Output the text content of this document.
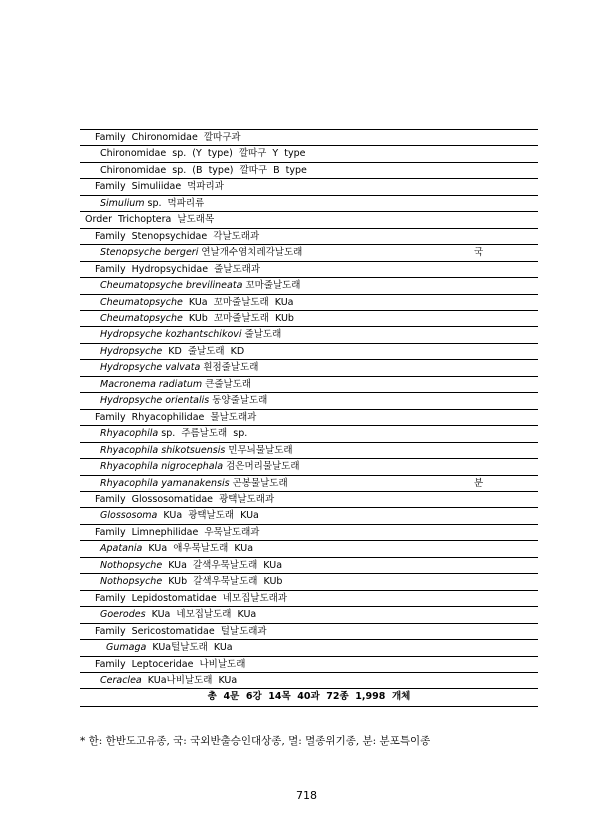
Family  Chironomidae  깔따구과
Chironomidae  sp.  (Y  type)  깔따구  Y  type
Chironomidae  sp.  (B  type)  깔따구  B  type
Family  Simuliidae  먹파리과
Simulium sp.  먹파리류
Order  Trichoptera  날도래목
Family  Stenopsychidae  각날도래과
Stenopsyche bergeri 연날개수염치레각날도래	국
Family  Hydropsychidae  줄날도래과
Cheumatopsyche brevilineata 꼬마줄날도래
Cheumatopsyche  KUa  꼬마줄날도래  KUa
Cheumatopsyche  KUb  꼬마줄날도래  KUb
Hydropsyche kozhantschikovi 줄날도래
Hydropsyche  KD  줄날도래  KD
Hydropsyche valvata 흰점줄날도래
Macronema radiatum 큰줄날도래
Hydropsyche orientalis 동양줄날도래
Family  Rhyacophilidae  물날도래과
Rhyacophila sp.  주름날도래  sp.
Rhyacophila shikotsuensis 민무늬물날도래
Rhyacophila nigrocephala 검은머리물날도래
Rhyacophila yamanakensis 곤봉물날도래	분
Family  Glossosomatidae  광택날도래과
Glossosoma  KUa  광택날도래  KUa
Family  Limnephilidae  우묵날도래과
Apatania  KUa  애우묵날도래  KUa
Nothopsyche  KUa  갈색우묵날도래  KUa
Nothopsyche  KUb  갈색우묵날도래  KUb
Family  Lepidostomatidae  네모집날도래과
Goerodes  KUa  네모집날도래  KUa
Family  Sericostomatidae  털날도래과
Gumaga  KUa털날도래  KUa
Family  Leptoceridae  나비날도래
Ceraclea  KUa나비날도래  KUa
총  4문  6강  14목  40과  72종  1,998  개체
* 한: 한반도고유종, 국: 국외반출승인대상종, 멸: 멸종위기종, 분: 분포특이종
718
